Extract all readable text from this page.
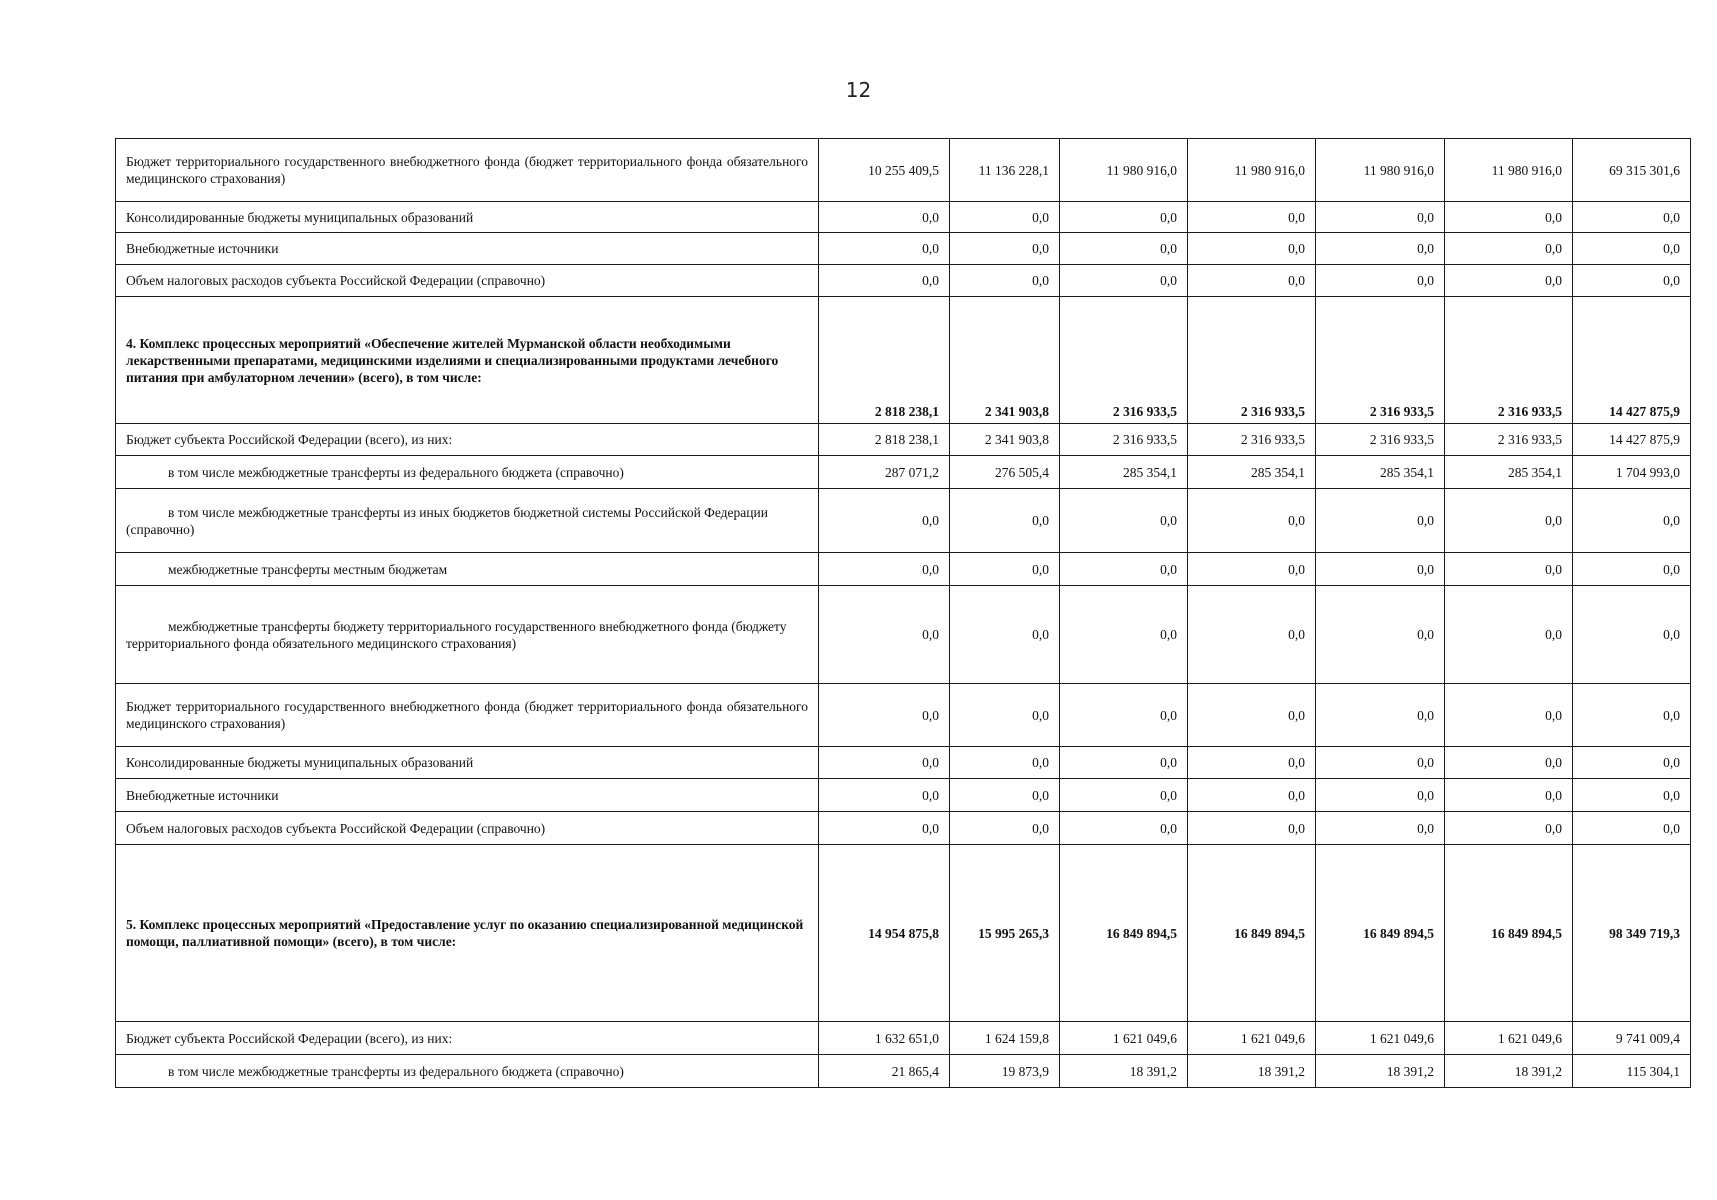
12
Бюджет территориального государственного внебюджетного фонда (бюджет территориального фонда обязательного медицинского страхования)	10 255 409,5	11 136 228,1	11 980 916,0	11 980 916,0	11 980 916,0	11 980 916,0	69 315 301,6
Консолидированные бюджеты муниципальных образований	0,0	0,0	0,0	0,0	0,0	0,0	0,0
Внебюджетные источники	0,0	0,0	0,0	0,0	0,0	0,0	0,0
Объем налоговых расходов субъекта Российской Федерации (справочно)	0,0	0,0	0,0	0,0	0,0	0,0	0,0
4. Комплекс процессных мероприятий «Обеспечение жителей Мурманской области необходимыми лекарственными препаратами, медицинскими изделиями и специализированными продуктами лечебного питания при амбулаторном лечении» (всего), в том числе:	2 818 238,1	2 341 903,8	2 316 933,5	2 316 933,5	2 316 933,5	2 316 933,5	14 427 875,9
Бюджет субъекта Российской Федерации (всего), из них:	2 818 238,1	2 341 903,8	2 316 933,5	2 316 933,5	2 316 933,5	2 316 933,5	14 427 875,9
в том числе межбюджетные трансферты из федерального бюджета (справочно)	287 071,2	276 505,4	285 354,1	285 354,1	285 354,1	285 354,1	1 704 993,0
в том числе межбюджетные трансферты из иных бюджетов бюджетной системы Российской Федерации (справочно)	0,0	0,0	0,0	0,0	0,0	0,0	0,0
межбюджетные трансферты местным бюджетам	0,0	0,0	0,0	0,0	0,0	0,0	0,0
межбюджетные трансферты бюджету территориального государственного внебюджетного фонда (бюджету территориального фонда обязательного медицинского страхования)	0,0	0,0	0,0	0,0	0,0	0,0	0,0
Бюджет территориального государственного внебюджетного фонда (бюджет территориального фонда обязательного медицинского страхования)	0,0	0,0	0,0	0,0	0,0	0,0	0,0
Консолидированные бюджеты муниципальных образований	0,0	0,0	0,0	0,0	0,0	0,0	0,0
Внебюджетные источники	0,0	0,0	0,0	0,0	0,0	0,0	0,0
Объем налоговых расходов субъекта Российской Федерации (справочно)	0,0	0,0	0,0	0,0	0,0	0,0	0,0
5. Комплекс процессных мероприятий «Предоставление услуг по оказанию специализированной медицинской помощи, паллиативной помощи» (всего), в том числе:	14 954 875,8	15 995 265,3	16 849 894,5	16 849 894,5	16 849 894,5	16 849 894,5	98 349 719,3
Бюджет субъекта Российской Федерации (всего), из них:	1 632 651,0	1 624 159,8	1 621 049,6	1 621 049,6	1 621 049,6	1 621 049,6	9 741 009,4
в том числе межбюджетные трансферты из федерального бюджета (справочно)	21 865,4	19 873,9	18 391,2	18 391,2	18 391,2	18 391,2	115 304,1
